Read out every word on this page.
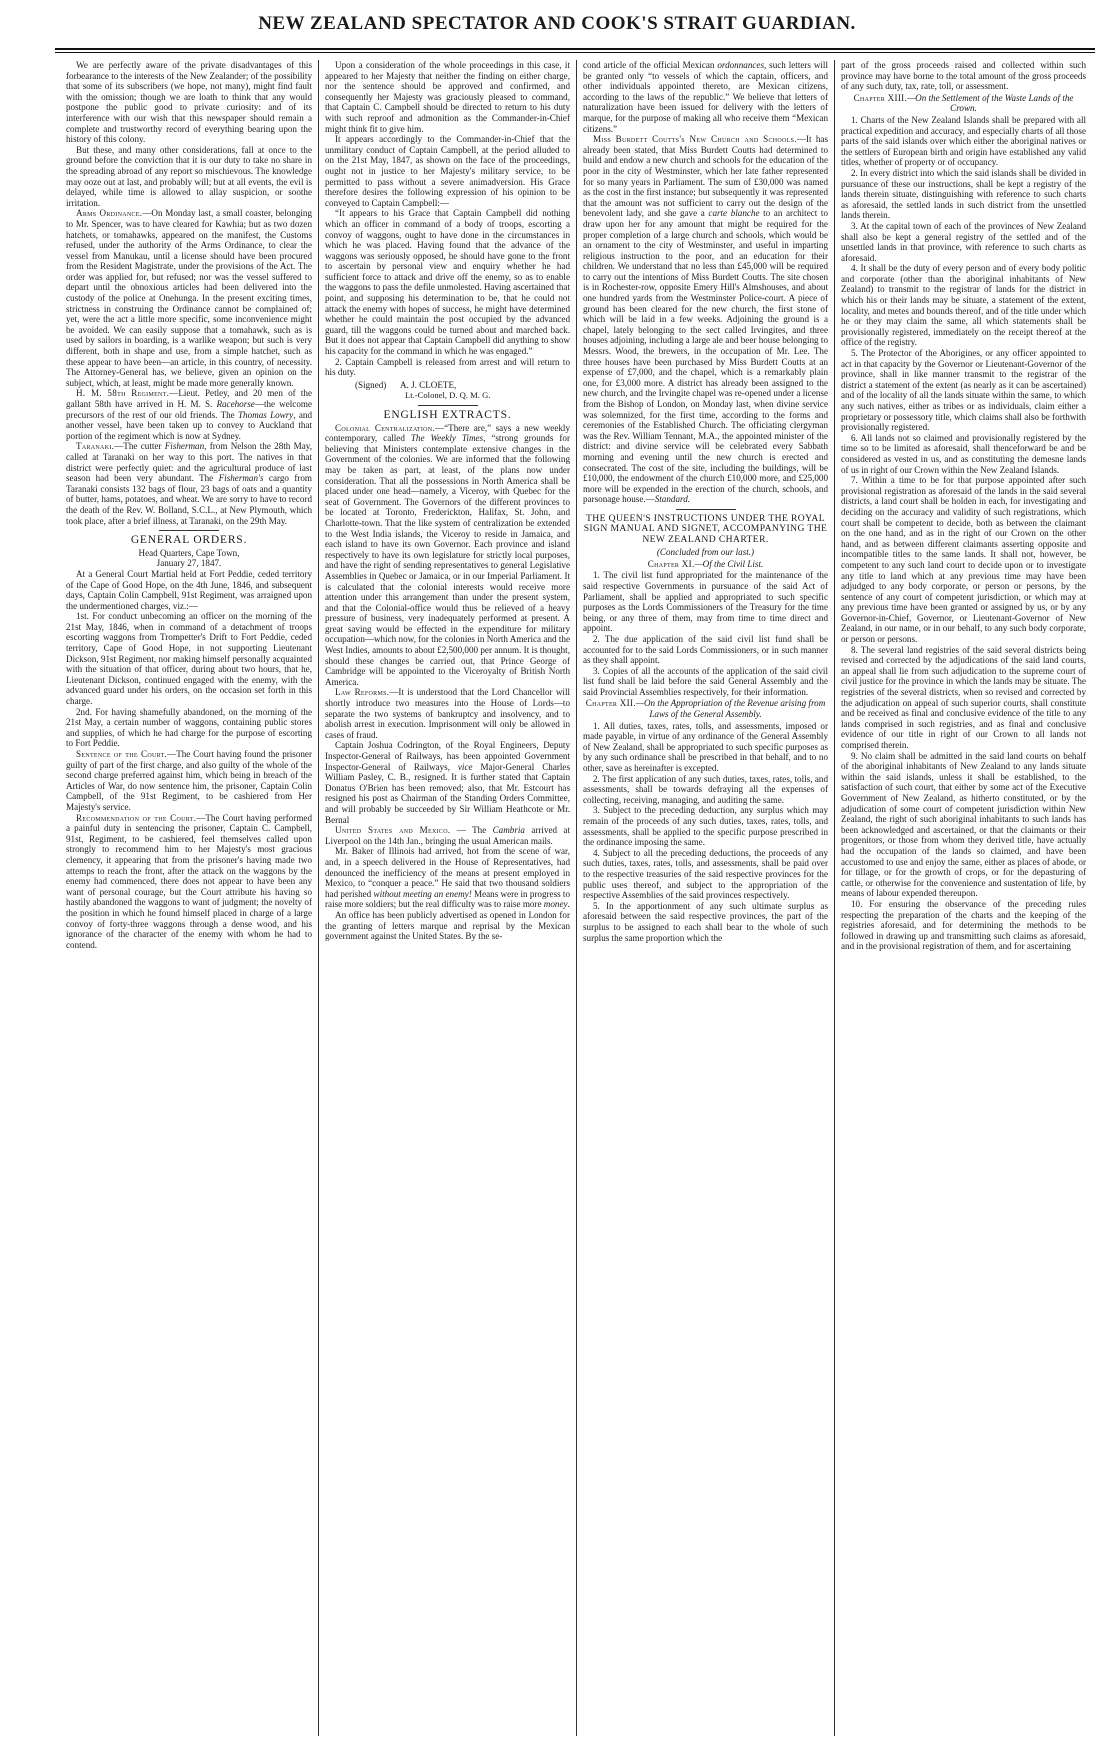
NEW ZEALAND SPECTATOR AND COOK'S STRAIT GUARDIAN.

We are perfectly aware of the private disadvantages of this forbearance to the interests of the New Zealander; of the possibility that some of its subscribers (we hope, not many), might find fault with the omission; though we are loath to think that any would postpone the public good to private curiosity: and of its interference with our wish that this newspaper should remain a complete and trustworthy record of everything bearing upon the history of this colony.

But these, and many other considerations, fall at once to the ground before the conviction that it is our duty to take no share in the spreading abroad of any report so mischievous. The knowledge may ooze out at last, and probably will; but at all events, the evil is delayed, while time is allowed to allay suspicion, or soothe irritation.

Arms Ordinance.—On Monday last, a small coaster, belonging to Mr. Spencer, was to have cleared for Kawhia; but as two dozen hatchets, or tomahawks, appeared on the manifest, the Customs refused, under the authority of the Arms Ordinance, to clear the vessel from Manukau, until a license should have been procured from the Resident Magistrate, under the provisions of the Act. The order was applied for, but refused; nor was the vessel suffered to depart until the obnoxious articles had been delivered into the custody of the police at Onehunga. In the present exciting times, strictness in construing the Ordinance cannot be complained of; yet, were the act a little more specific, some inconvenience might be avoided. We can easily suppose that a tomahawk, such as is used by sailors in boarding, is a warlike weapon; but such is very different, both in shape and use, from a simple hatchet, such as these appear to have been—an article, in this country, of necessity. The Attorney-General has, we believe, given an opinion on the subject, which, at least, might be made more generally known.

H. M. 58th Regiment.—Lieut. Petley, and 20 men of the gallant 58th have arrived in H. M. S. Racehorse—the welcome precursors of the rest of our old friends. The Thomas Lowry, and another vessel, have been taken up to convey to Auckland that portion of the regiment which is now at Sydney.

Taranaki.—The cutter Fisherman, from Nelson the 28th May, called at Taranaki on her way to this port. The natives in that district were perfectly quiet: and the agricultural produce of last season had been very abundant. The Fisherman's cargo from Taranaki consists 132 bags of flour, 23 bags of oats and a quantity of butter, hams, potatoes, and wheat. We are sorry to have to record the death of the Rev. W. Bolland, S.C.L., at New Plymouth, which took place, after a brief illness, at Taranaki, on the 29th May.

GENERAL ORDERS.
Head Quarters, Cape Town,
January 27, 1847.

At a General Court Martial held at Fort Peddie, ceded territory of the Cape of Good Hope, on the 4th June, 1846, and subsequent days, Captain Colin Campbell, 91st Regiment, was arraigned upon the undermentioned charges, viz.:—

1st. For conduct unbecoming an officer on the morning of the 21st May, 1846, when in command of a detachment of troops escorting waggons from Trompetter's Drift to Fort Peddie, ceded territory, Cape of Good Hope, in not supporting Lieutenant Dickson, 91st Regiment, nor making himself personally acquainted with the situation of that officer, during about two hours, that he, Lieutenant Dickson, continued engaged with the enemy, with the advanced guard under his orders, on the occasion set forth in this charge.

2nd. For having shamefully abandoned, on the morning of the 21st May, a certain number of waggons, containing public stores and supplies, of which he had charge for the purpose of escorting to Fort Peddie.

Sentence of the Court.—The Court having found the prisoner guilty of part of the first charge, and also guilty of the whole of the second charge preferred against him, which being in breach of the Articles of War, do now sentence him, the prisoner, Captain Colin Campbell, of the 91st Regiment, to be cashiered from Her Majesty's service.

Recommendation of the Court.—The Court having performed a painful duty in sentencing the prisoner, Captain C. Campbell, 91st, Regiment, to be cashiered, feel themselves called upon strongly to recommend him to her Majesty's most gracious clemency, it appearing that from the prisoner's having made two attemps to reach the front, after the attack on the waggons by the enemy had commenced, there does not appear to have been any want of personal courage, but the Court attribute his having so hastily abandoned the waggons to want of judgment; the novelty of the position in which he found himself placed in charge of a large convoy of forty-three waggons through a dense wood, and his ignorance of the character of the enemy with whom he had to contend.

Upon a consideration of the whole proceedings in this case, it appeared to her Majesty that neither the finding on either charge, nor the sentence should be approved and confirmed, and consequently her Majesty was graciously pleased to command, that Captain C. Campbell should be directed to return to his duty with such reproof and admonition as the Commander-in-Chief might think fit to give him.

It appears accordingly to the Commander-in-Chief that the unmilitary conduct of Captain Campbell, at the period alluded to on the 21st May, 1847, as shown on the face of the proceedings, ought not in justice to her Majesty's military service, to be permitted to pass without a severe animadversion. His Grace therefore desires the following expression of his opinion to be conveyed to Captain Campbell:—

“It appears to his Grace that Captain Campbell did nothing which an officer in command of a body of troops, escorting a convoy of waggons, ought to have done in the circumstances in which he was placed. Having found that the advance of the waggons was seriously opposed, he should have gone to the front to ascertain by personal view and enquiry whether he had sufficient force to attack and drive off the enemy, so as to enable the waggons to pass the defile unmolested. Having ascertained that point, and supposing his determination to be, that he could not attack the enemy with hopes of success, he might have determined whether he could maintain the post occupied by the advanced guard, till the waggons could be turned about and marched back. But it does not appear that Captain Campbell did anything to show his capacity for the command in which he was engaged.”

2. Captain Campbell is released from arrest and will return to his duty.

(Signed) A. J. CLOETE,
Lt.-Colonel, D. Q. M. G.
ENGLISH EXTRACTS.

Colonial Centralization.—“There are,” says a new weekly contemporary, called The Weekly Times, “strong grounds for believing that Ministers contemplate extensive changes in the Government of the colonies. We are informed that the following may be taken as part, at least, of the plans now under consideration. That all the possessions in North America shall be placed under one head—namely, a Viceroy, with Quebec for the seat of Government. The Governors of the different provinces to be located at Toronto, Frederickton, Halifax, St. John, and Charlotte-town. That the like system of centralization be extended to the West India islands, the Viceroy to reside in Jamaica, and each island to have its own Governor. Each province and island respectively to have its own legislature for strictly local purposes, and have the right of sending representatives to general Legislative Assemblies in Quebec or Jamaica, or in our Imperial Parliament. It is calculated that the colonial interests would receive more attention under this arrangement than under the present system, and that the Colonial-office would thus be relieved of a heavy pressure of business, very inadequately performed at present. A great saving would be effected in the expenditure for military occupation—which now, for the colonies in North America and the West Indies, amounts to about £2,500,000 per annum. It is thought, should these changes be carried out, that Prince George of Cambridge will be appointed to the Viceroyalty of British North America.

Law Reforms.—It is understood that the Lord Chancellor will shortly introduce two measures into the House of Lords—to separate the two systems of bankruptcy and insolvency, and to abolish arrest in execution. Imprisonment will only be allowed in cases of fraud.

Captain Joshua Codrington, of the Royal Engineers, Deputy Inspector-General of Railways, has been appointed Government Inspector-General of Railways, vice Major-General Charles William Pasley, C. B., resigned. It is further stated that Captain Donatus O'Brien has been removed; also, that Mr. Estcourt has resigned his post as Chairman of the Standing Orders Committee, and will probably be succeeded by Sir William Heathcote or Mr. Bernal

United States and Mexico. — The Cambria arrived at Liverpool on the 14th Jan., bringing the usual American mails.

Mr. Baker of Illinois had arrived, hot from the scene of war, and, in a speech delivered in the House of Representatives, had denounced the inefficiency of the means at present employed in Mexico, to “conquer a peace.” He said that two thousand soldiers had perished without meeting an enemy! Means were in progress to raise more soldiers; but the real difficulty was to raise more money.

An office has been publicly advertised as opened in London for the granting of letters marque and reprisal by the Mexican government against the United States. By the se-

cond article of the official Mexican ordonnances, such letters will be granted only “to vessels of which the captain, officers, and other individuals appointed thereto, are Mexican citizens, according to the laws of the republic.” We believe that letters of naturalization have been issued for delivery with the letters of marque, for the purpose of making all who receive them “Mexican citizens.”

Miss Burdett Coutts's New Church and Schools.—It has already been stated, that Miss Burdett Coutts had determined to build and endow a new church and schools for the education of the poor in the city of Westminster, which her late father represented for so many years in Parliament. The sum of £30,000 was named as the cost in the first instance; but subsequently it was represented that the amount was not sufficient to carry out the design of the benevolent lady, and she gave a carte blanche to an architect to draw upon her for any amount that might be required for the proper completion of a large church and schools, which would be an ornament to the city of Westminster, and useful in imparting religious instruction to the poor, and an education for their children. We understand that no less than £45,000 will be required to carry out the intentions of Miss Burdett Coutts. The site chosen is in Rochester-row, opposite Emery Hill's Almshouses, and about one hundred yards from the Westminster Police-court. A piece of ground has been cleared for the new church, the first stone of which will be laid in a few weeks. Adjoining the ground is a chapel, lately belonging to the sect called Irvingites, and three houses adjoining, including a large ale and beer house belonging to Messrs. Wood, the brewers, in the occupation of Mr. Lee. The three houses have been purchased by Miss Burdett Coutts at an expense of £7,000, and the chapel, which is a remarkably plain one, for £3,000 more. A district has already been assigned to the new church, and the Irvingite chapel was re-opened under a license from the Bishop of London, on Monday last, when divine service was solemnized, for the first time, according to the forms and ceremonies of the Established Church. The officiating clergyman was the Rev. William Tennant, M.A., the appointed minister of the district: and divine service will be celebrated every Sabbath morning and evening until the new church is erected and consecrated. The cost of the site, including the buildings, will be £10,000, the endowment of the church £10,000 more, and £25,000 more will be expended in the erection of the church, schools, and parsonage house.—Standard.

THE QUEEN'S INSTRUCTIONS UNDER THE ROYAL SIGN MANUAL AND SIGNET, ACCOMPANYING THE NEW ZEALAND CHARTER.
(Concluded from our last.)
Chapter XI.—Of the Civil List.

1. The civil list fund appropriated for the maintenance of the said respective Governments in pursuance of the said Act of Parliament, shall be applied and appropriated to such specific purposes as the Lords Commissioners of the Treasury for the time being, or any three of them, may from time to time direct and appoint.

2. The due application of the said civil list fund shall be accounted for to the said Lords Commissioners, or in such manner as they shall appoint.

3. Copies of all the accounts of the application of the said civil list fund shall be laid before the said General Assembly and the said Provincial Assemblies respectively, for their information.

Chapter XII.—On the Appropriation of the Revenue arising from Laws of the General Assembly.

1. All duties, taxes, rates, tolls, and assessments, imposed or made payable, in virtue of any ordinance of the General Assembly of New Zealand, shall be appropriated to such specific purposes as by any such ordinance shall be prescribed in that behalf, and to no other, save as hereinafter is excepted.

2. The first application of any such duties, taxes, rates, tolls, and assessments, shall be towards defraying all the expenses of collecting, receiving, managing, and auditing the same.

3. Subject to the preceding deduction, any surplus which may remain of the proceeds of any such duties, taxes, rates, tolls, and assessments, shall be applied to the specific purpose prescribed in the ordinance imposing the same.

4. Subject to all the preceding deductions, the proceeds of any such duties, taxes, rates, tolls, and assessments, shall be paid over to the respective treasuries of the said respective provinces for the public uses thereof, and subject to the appropriation of the respective Assemblies of the said provinces respectively.

5. In the apportionment of any such ultimate surplus as aforesaid between the said respective provinces, the part of the surplus to be assigned to each shall bear to the whole of such surplus the same proportion which the

part of the gross proceeds raised and collected within such province may have borne to the total amount of the gross proceeds of any such duty, tax, rate, toll, or assessment.

Chapter XIII.—On the Settlement of the Waste Lands of the Crown.

1. Charts of the New Zealand Islands shall be prepared with all practical expedition and accuracy, and especially charts of all those parts of the said islands over which either the aboriginal natives or the settlers of European birth and origin have established any valid titles, whether of property or of occupancy.

2. In every district into which the said islands shall be divided in pursuance of these our instructions, shall be kept a registry of the lands therein situate, distinguishing with reference to such charts as aforesaid, the settled lands in such district from the unsettled lands therein.

3. At the capital town of each of the provinces of New Zealand shall also be kept a general registry of the settled and of the unsettled lands in that province, with reference to such charts as aforesaid.

4. It shall be the duty of every person and of every body politic and corporate (other than the aboriginal inhabitants of New Zealand) to transmit to the registrar of lands for the district in which his or their lands may be situate, a statement of the extent, locality, and metes and bounds thereof, and of the title under which he or they may claim the same, all which statements shall be provisionally registered, immediately on the receipt thereof at the office of the registry.

5. The Protector of the Aborigines, or any officer appointed to act in that capacity by the Governor or Lieutenant-Governor of the province, shall in like manner transmit to the registrar of the district a statement of the extent (as nearly as it can be ascertained) and of the locality of all the lands situate within the same, to which any such natives, either as tribes or as individuals, claim either a proprietary or possessory title, which claims shall also be forthwith provisionally registered.

6. All lands not so claimed and provisionally registered by the time so to be limited as aforesaid, shall thenceforward be and be considered as vested in us, and as constituting the demesne lands of us in right of our Crown within the New Zealand Islands.

7. Within a time to be for that purpose appointed after such provisional registration as aforesaid of the lands in the said several districts, a land court shall be holden in each, for investigating and deciding on the accuracy and validity of such registrations, which court shall be competent to decide, both as between the claimant on the one hand, and as in the right of our Crown on the other hand, and as between different claimants asserting opposite and incompatible titles to the same lands. It shall not, however, be competent to any such land court to decide upon or to investigate any title to land which at any previous time may have been adjudged to any body corporate, or person or persons, by the sentence of any court of competent jurisdiction, or which may at any previous time have been granted or assigned by us, or by any Governor-in-Chief, Governor, or Lieutenant-Governor of New Zealand, in our name, or in our behalf, to any such body corporate, or person or persons.

8. The several land registries of the said several districts being revised and corrected by the adjudications of the said land courts, an appeal shall lie from such adjudication to the supreme court of civil justice for the province in which the lands may be situate. The registries of the several districts, when so revised and corrected by the adjudication on appeal of such superior courts, shall constitute and be received as final and conclusive evidence of the title to any lands comprised in such registries, and as final and conclusive evidence of our title in right of our Crown to all lands not comprised therein.

9. No claim shall be admitted in the said land courts on behalf of the aboriginal inhabitants of New Zealand to any lands situate within the said islands, unless it shall be established, to the satisfaction of such court, that either by some act of the Executive Government of New Zealand, as hitherto constituted, or by the adjudication of some court of competent jurisdiction within New Zealand, the right of such aboriginal inhabitants to such lands has been acknowledged and ascertained, or that the claimants or their progenitors, or those from whom they derived title, have actually had the occupation of the lands so claimed, and have been accustomed to use and enjoy the same, either as places of abode, or for tillage, or for the growth of crops, or for the depasturing of cattle, or otherwise for the convenience and sustentation of life, by means of labour expended thereupon.

10. For ensuring the observance of the preceding rules respecting the preparation of the charts and the keeping of the registries aforesaid, and for determining the methods to be followed in drawing up and transmitting such claims as aforesaid, and in the provisional registration of them, and for ascertaining
